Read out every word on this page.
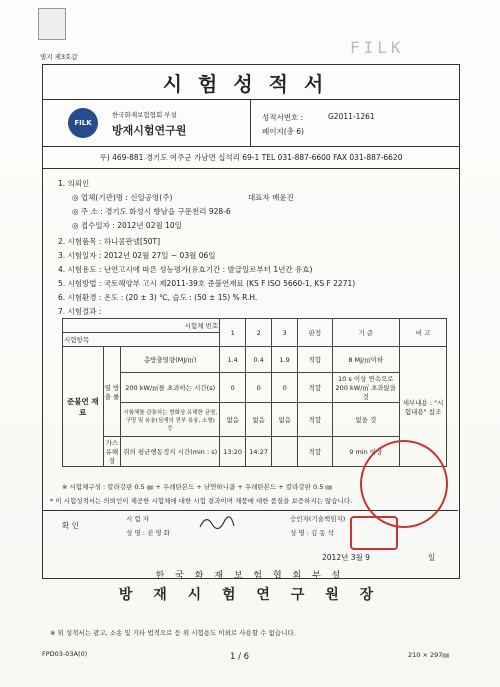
별지 제3호갑	FILK
시험성적서
FILK
한국화재보험협회 부설
방재시험연구원
성적서번호 :	G2011-1261
페이지(총 6)
우) 469-881 경기도 여주군 가남면 십석리 69-1 TEL 031-887-6600 FAX 031-887-6620
1. 의뢰인
◎ 업체(기관)명 : 신일공영(주)	대표자 배윤진
◎ 주 소 : 경기도 화성시 향남읍 구문천리 928-6
◎ 접수일자 : 2012년 02월 10일
2. 시험품목 : 하니콤판넬[50T]
3. 시험일자 : 2012년 02월 27일 ~ 03월 06일
4. 시험용도 : 난연고시에 따른 성능평가(유효기간 : 발급일로부터 1년간 유효)
5. 시험방법 : 국토해양부 고시 제2011-39호 준불연재료 (KS F ISO 5660-1, KS F 2271)
6. 시험환경 : 온도 : (20 ± 3) ℃, 습도 : (50 ± 15) % R.H.
7. 시험결과 :
시험체 번호			1	2	3	판정	기 준	비 고
시험항목								
준불연 재 료	열 방 출 률	총방출열량(MJ/㎡)	1.4	0.4	1.9	적합	8 MJ/㎡이하	세부내용 : "시험내용" 참조
		200 kW/㎡를 초과하는 시간(s)	0	0	0	적합	10 s 이상 연속으로 200 kW/㎡ 초과않을 것	
		시험체를 관통하는 방화상 유해한 균열, 구멍 및 용융(심재의 전부 용융, 소멸) 등	없음	없음	없음	적합	없을 것	
	가스 유해성	쥐의 평균행동정지 시간(min : s)	13:20	14:27		적합	9 min 이상	
※ 시험체구성 : 칼라강판 0.5 ㎜ + 우레탄본드 + 난연하니콤 + 우레탄본드 + 칼라강판 0.5 ㎜
* 이 시험성적서는 의뢰인이 제공한 시험체에 대한 시험 결과이며 제품에 대한 품질을 보증하지는 않습니다.
확 인
시 험 자
성 명 : 진 영 화
승인자(기술책임자)
성 명 : 김 동 석
2012년 3월 9	일
한 국 화 재 보 험 협 회 부 설
방 재 시 험 연 구 원 장
※ 위 성적서는 광고, 소송 및 기타 법적으로 등 위 시험용도 이외로 사용할 수 없습니다.
FPD03-03A(0)	1 / 6	210 × 297㎜
